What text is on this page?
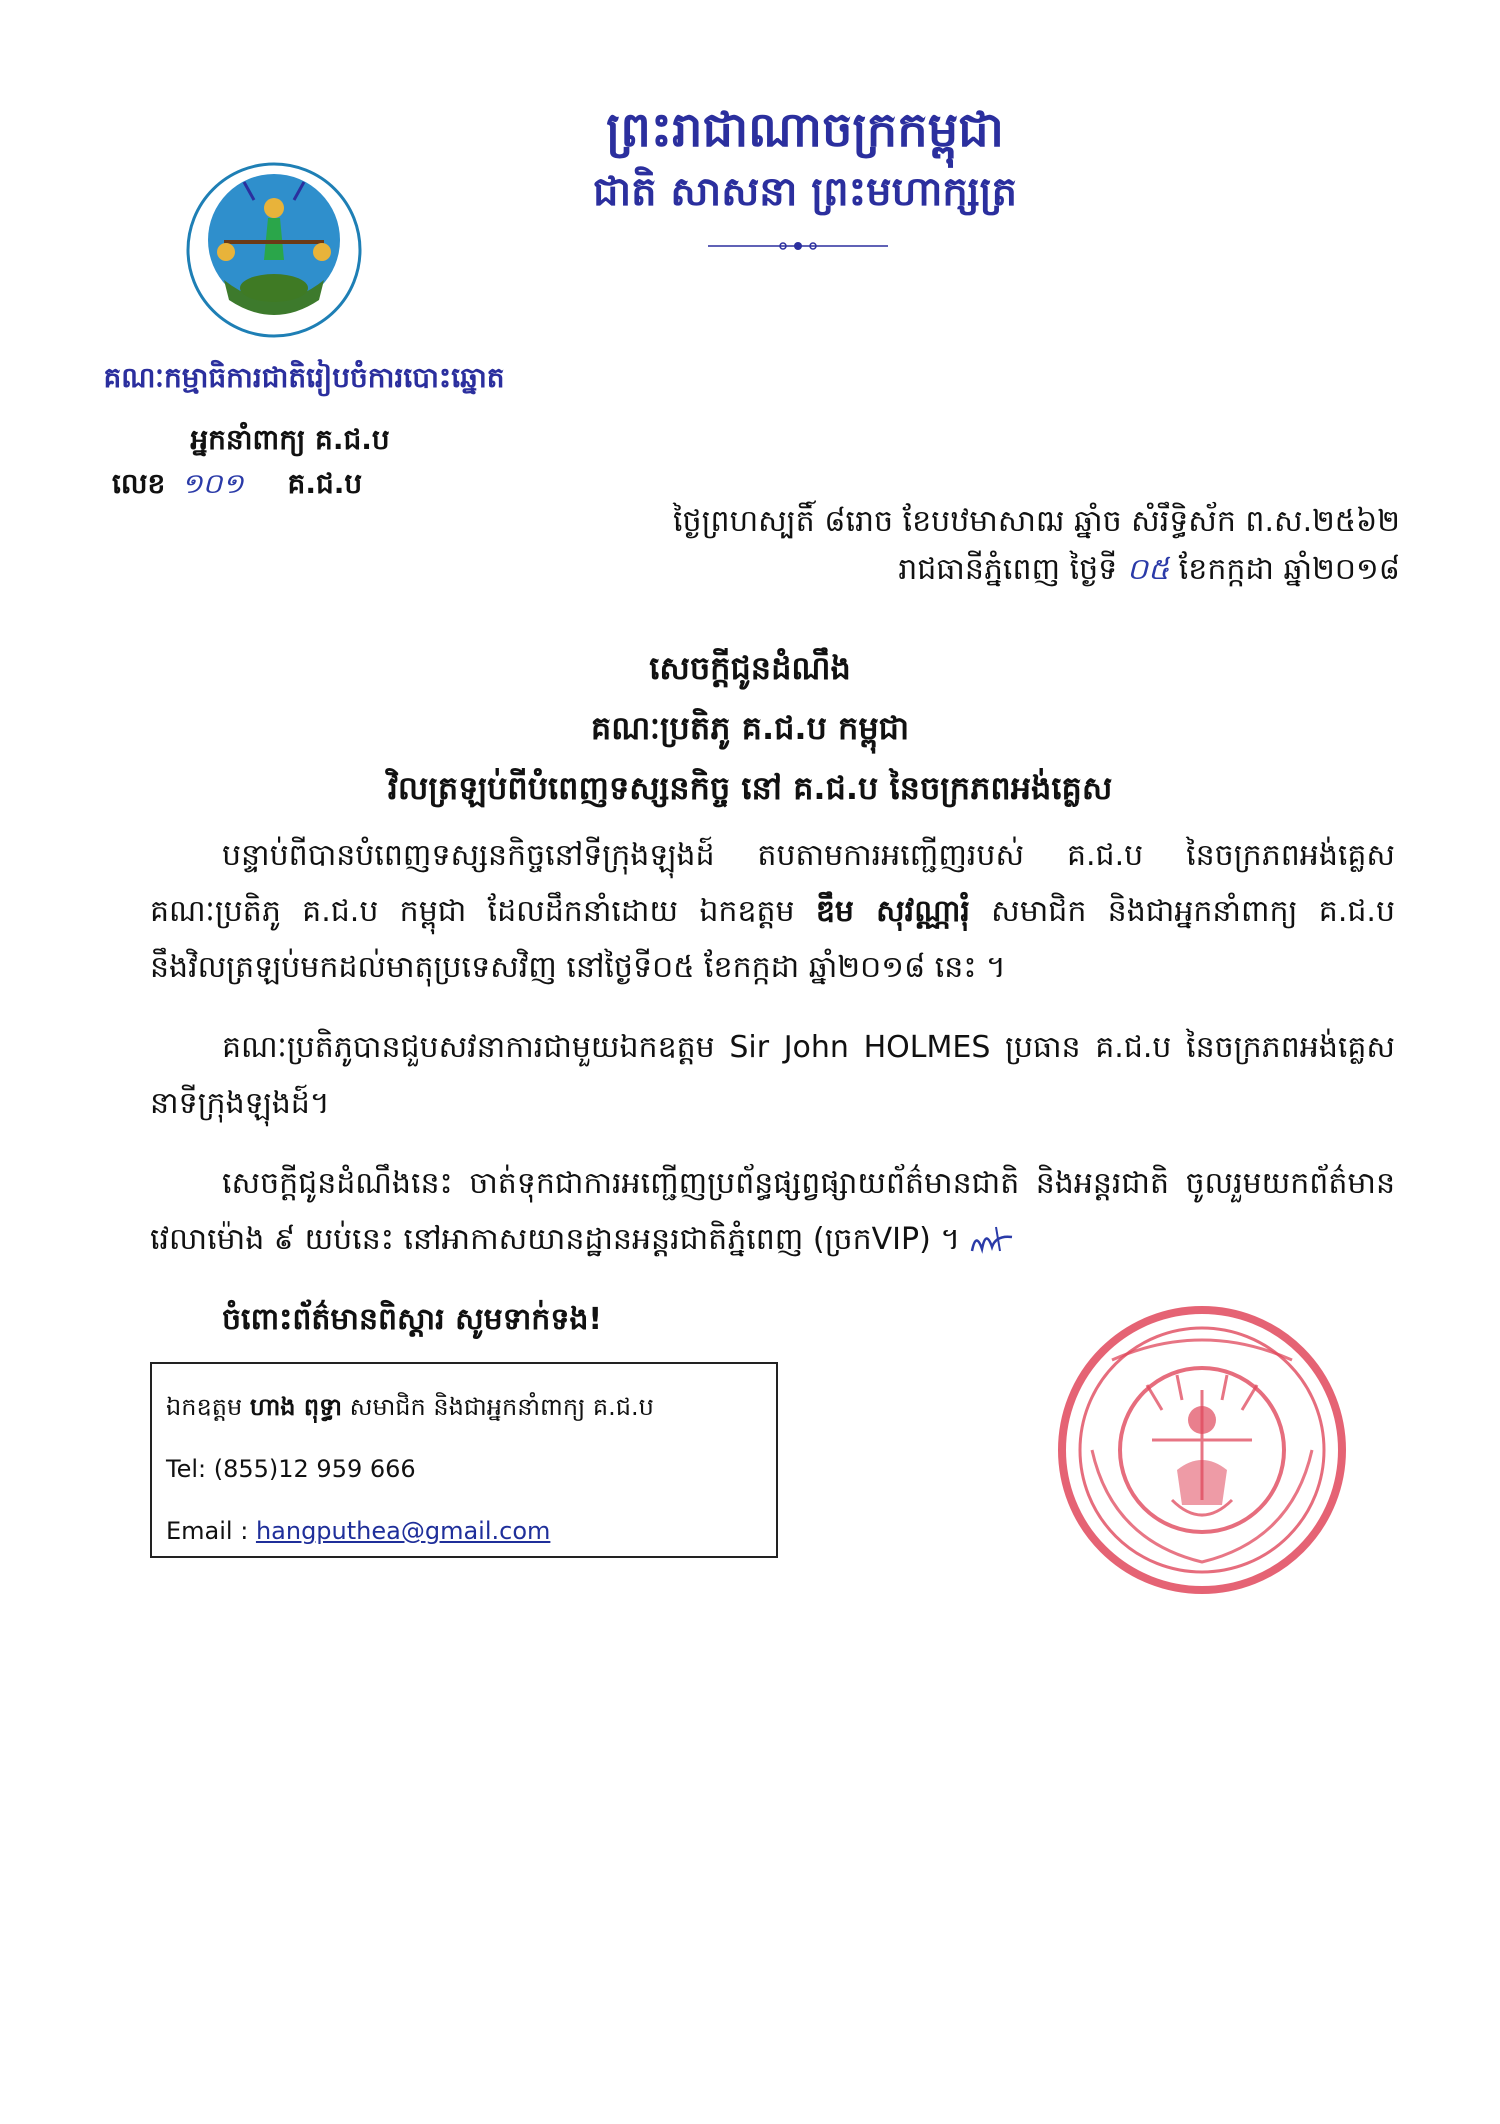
ព្រះរាជាណាចក្រកម្ពុជា
ជាតិ សាសនា ព្រះមហាក្សត្រ
គណៈកម្មាធិការជាតិរៀបចំការបោះឆ្នោត
អ្នកនាំពាក្យ គ.ជ.ប
លេខ ១០១ គ.ជ.ប
ថ្ងៃព្រហស្បតិ៍ ៨រោច ខែបឋមាសាឍ ឆ្នាំច សំរឹទ្ធិស័ក ព.ស.២៥៦២
រាជធានីភ្នំពេញ ថ្ងៃទី ០៥ ខែកក្កដា ឆ្នាំ២០១៨
សេចក្ដីជូនដំណឹង
គណៈប្រតិភូ គ.ជ.ប កម្ពុជា
វិលត្រឡប់ពីបំពេញទស្សនកិច្ច នៅ គ.ជ.ប នៃចក្រភពអង់គ្លេស

បន្ទាប់ពីបានបំពេញទស្សនកិច្ចនៅទីក្រុងឡុងដ៍ តបតាមការអញ្ជើញរបស់ គ.ជ.ប នៃចក្រភពអង់គ្លេស គណៈប្រតិភូ គ.ជ.ប កម្ពុជា ដែលដឹកនាំដោយ ឯកឧត្តម ឌឹម សុវណ្ណារុំ សមាជិក និងជាអ្នកនាំពាក្យ គ.ជ.ប នឹងវិលត្រឡប់មកដល់មាតុប្រទេសវិញ នៅថ្ងៃទី០៥ ខែកក្កដា ឆ្នាំ២០១៨ នេះ ។

គណៈប្រតិភូបានជួបសវនាការជាមួយឯកឧត្តម Sir John HOLMES ប្រធាន គ.ជ.ប នៃចក្រភពអង់គ្លេស នាទីក្រុងឡុងដ៍។

សេចក្ដីជូនដំណឹងនេះ ចាត់ទុកជាការអញ្ជើញប្រព័ន្ធផ្សព្វផ្សាយព័ត៌មានជាតិ និងអន្តរជាតិ ចូលរួមយកព័ត៌មានវេលាម៉ោង ៩ យប់នេះ នៅអាកាសយានដ្ឋានអន្តរជាតិភ្នំពេញ (ច្រកVIP) ។

ចំពោះព័ត៌មានពិស្ដារ សូមទាក់ទង!

ឯកឧត្តម ហាង ពុទ្ធា សមាជិក និងជាអ្នកនាំពាក្យ គ.ជ.ប
Tel: (855)12 959 666
Email : hangputhea@gmail.com
